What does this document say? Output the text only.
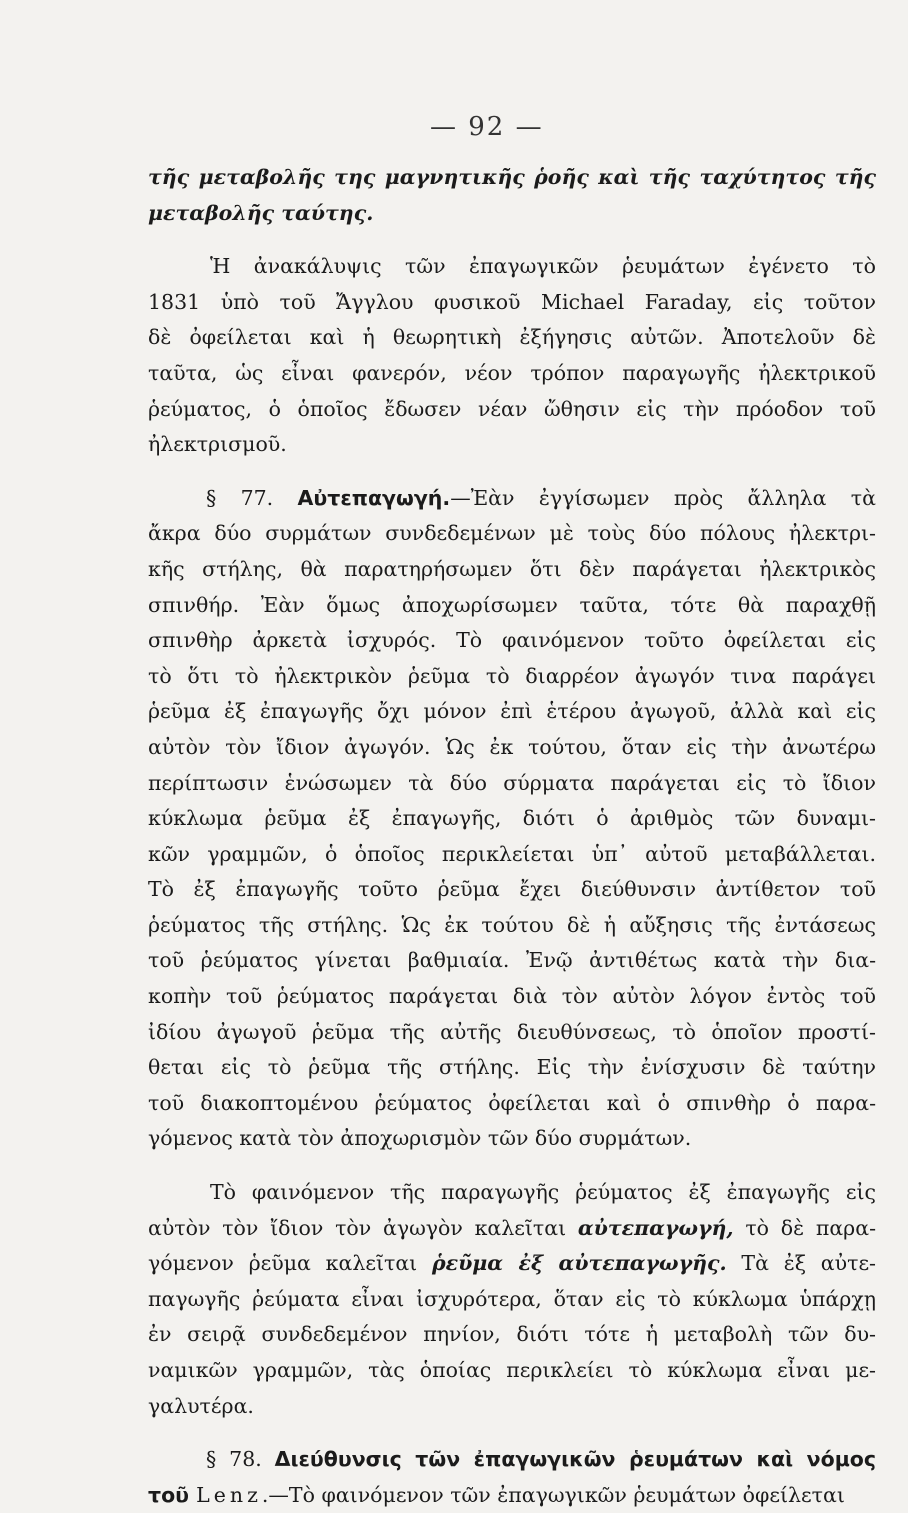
— 92 —
τῆς μεταβολῆς της μαγνητικῆς ῥοῆς καὶ τῆς ταχύτητος τῆς
μεταβολῆς ταύτης.
Ἡ ἀνακάλυψις τῶν ἐπαγωγικῶν ῥευμάτων ἐγένετο τὸ
1831 ὑπὸ τοῦ Ἄγγλου φυσικοῦ Michael Faraday, εἰς τοῦτον
δὲ ὀφείλεται καὶ ἡ θεωρητικὴ ἐξήγησις αὐτῶν. Ἀποτελοῦν δὲ
ταῦτα, ὡς εἶναι φανερόν, νέον τρόπον παραγωγῆς ἠλεκτρικοῦ
ῥεύματος, ὁ ὁποῖος ἔδωσεν νέαν ὤθησιν εἰς τὴν πρόοδον τοῦ
ἠλεκτρισμοῦ.
§ 77. Αὐτεπαγωγή.—Ἐὰν ἐγγίσωμεν πρὸς ἄλληλα τὰ
ἄκρα δύο συρμάτων συνδεδεμένων μὲ τοὺς δύο πόλους ἠλεκτρι-
κῆς στήλης, θὰ παρατηρήσωμεν ὅτι δὲν παράγεται ἠλεκτρικὸς
σπινθήρ. Ἐὰν ὅμως ἀποχωρίσωμεν ταῦτα, τότε θὰ παραχθῇ
σπινθὴρ ἀρκετὰ ἰσχυρός. Τὸ φαινόμενον τοῦτο ὀφείλεται εἰς
τὸ ὅτι τὸ ἠλεκτρικὸν ῥεῦμα τὸ διαρρέον ἀγωγόν τινα παράγει
ῥεῦμα ἐξ ἐπαγωγῆς ὄχι μόνον ἐπὶ ἑτέρου ἀγωγοῦ, ἀλλὰ καὶ εἰς
αὐτὸν τὸν ἴδιον ἀγωγόν. Ὡς ἐκ τούτου, ὅταν εἰς τὴν ἀνωτέρω
περίπτωσιν ἑνώσωμεν τὰ δύο σύρματα παράγεται εἰς τὸ ἴδιον
κύκλωμα ῥεῦμα ἐξ ἐπαγωγῆς, διότι ὁ ἀριθμὸς τῶν δυναμι-
κῶν γραμμῶν, ὁ ὁποῖος περικλείεται ὑπ᾽ αὐτοῦ μεταβάλλεται.
Τὸ ἐξ ἐπαγωγῆς τοῦτο ῥεῦμα ἔχει διεύθυνσιν ἀντίθετον τοῦ
ῥεύματος τῆς στήλης. Ὡς ἐκ τούτου δὲ ἡ αὔξησις τῆς ἐντάσεως
τοῦ ῥεύματος γίνεται βαθμιαία. Ἐνῷ ἀντιθέτως κατὰ τὴν δια-
κοπὴν τοῦ ῥεύματος παράγεται διὰ τὸν αὐτὸν λόγον ἐντὸς τοῦ
ἰδίου ἀγωγοῦ ῥεῦμα τῆς αὐτῆς διευθύνσεως, τὸ ὁποῖον προστί-
θεται εἰς τὸ ῥεῦμα τῆς στήλης. Εἰς τὴν ἐνίσχυσιν δὲ ταύτην
τοῦ διακοπτομένου ῥεύματος ὀφείλεται καὶ ὁ σπινθὴρ ὁ παρα-
γόμενος κατὰ τὸν ἀποχωρισμὸν τῶν δύο συρμάτων.
Τὸ φαινόμενον τῆς παραγωγῆς ῥεύματος ἐξ ἐπαγωγῆς εἰς
αὐτὸν τὸν ἴδιον τὸν ἀγωγὸν καλεῖται αὐτεπαγωγή, τὸ δὲ παρα-
γόμενον ῥεῦμα καλεῖται ῥεῦμα ἐξ αὐτεπαγωγῆς. Τὰ ἐξ αὐτε-
παγωγῆς ῥεύματα εἶναι ἰσχυρότερα, ὅταν εἰς τὸ κύκλωμα ὑπάρχῃ
ἐν σειρᾷ συνδεδεμένον πηνίον, διότι τότε ἡ μεταβολὴ τῶν δυ-
ναμικῶν γραμμῶν, τὰς ὁποίας περικλείει τὸ κύκλωμα εἶναι με-
γαλυτέρα.
§ 78. Διεύθυνσις τῶν ἐπαγωγικῶν ῥευμάτων καὶ νόμος
τοῦ Lenz.—Τὸ φαινόμενον τῶν ἐπαγωγικῶν ῥευμάτων ὀφείλεται
